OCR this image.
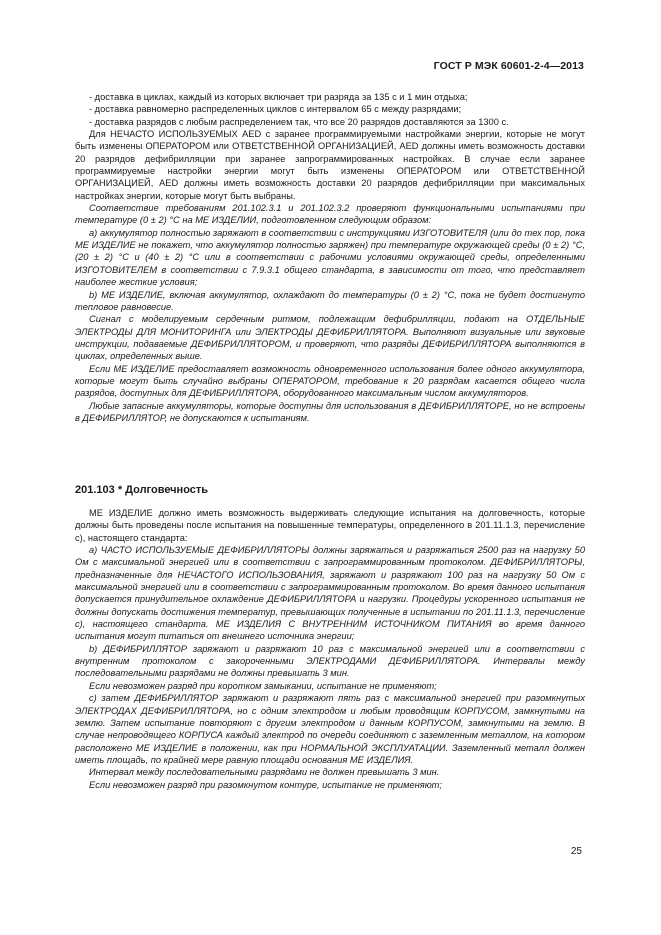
ГОСТ Р МЭК 60601-2-4—2013

- доставка в циклах, каждый из которых включает три разряда за 135 с и 1 мин отдыха;

- доставка равномерно распределенных циклов с интервалом 65 с между разрядами;

- доставка разрядов с любым распределением так, что все 20 разрядов доставляются за 1300 с.

Для НЕЧАСТО ИСПОЛЬЗУЕМЫХ AED с заранее программируемыми настройками энергии, которые не могут быть изменены ОПЕРАТОРОМ или ОТВЕТСТВЕННОЙ ОРГАНИЗАЦИЕЙ, AED должны иметь возможность доставки 20 разрядов дефибрилляции при заранее запрограммированных настройках. В случае если заранее программируемые настройки энергии могут быть изменены ОПЕРАТОРОМ или ОТВЕТСТВЕННОЙ ОРГАНИЗАЦИЕЙ, AED должны иметь возможность доставки 20 разрядов дефибрилляции при максимальных настройках энергии, которые могут быть выбраны.

Соответствие требованиям 201.102.3.1 и 201.102.3.2 проверяют функциональными испытаниями при температуре (0 ± 2) °С на МЕ ИЗДЕЛИИ, подготовленном следующим образом:

а) аккумулятор полностью заряжают в соответствии с инструкциями ИЗГОТОВИТЕЛЯ (или до тех пор, пока МЕ ИЗДЕЛИЕ не покажет, что аккумулятор полностью заряжен) при температуре окружающей среды (0 ± 2) °С, (20 ± 2) °С и (40 ± 2) °С или в соответствии с рабочими условиями окружающей среды, определенными ИЗГОТОВИТЕЛЕМ в соответствии с 7.9.3.1 общего стандарта, в зависимости от того, что представляет наиболее жесткие условия;

b) МЕ ИЗДЕЛИЕ, включая аккумулятор, охлаждают до температуры (0 ± 2) °С, пока не будет достигнуто тепловое равновесие.

Сигнал с моделируемым сердечным ритмом, подлежащим дефибрилляции, подают на ОТДЕЛЬНЫЕ ЭЛЕКТРОДЫ ДЛЯ МОНИТОРИНГА или ЭЛЕКТРОДЫ ДЕФИБРИЛЛЯТОРА. Выполняют визуальные или звуковые инструкции, подаваемые ДЕФИБРИЛЛЯТОРОМ, и проверяют, что разряды ДЕФИБРИЛЛЯТОРА выполняются в циклах, определенных выше.

Если МЕ ИЗДЕЛИЕ предоставляет возможность одновременного использования более одного аккумулятора, которые могут быть случайно выбраны ОПЕРАТОРОМ, требование к 20 разрядам касается общего числа разрядов, доступных для ДЕФИБРИЛЛЯТОРА, оборудованного максимальным числом аккумуляторов.

Любые запасные аккумуляторы, которые доступны для использования в ДЕФИБРИЛЛЯТОРЕ, но не встроены в ДЕФИБРИЛЛЯТОР, не допускаются к испытаниям.

201.103 * Долговечность

МЕ ИЗДЕЛИЕ должно иметь возможность выдерживать следующие испытания на долговечность, которые должны быть проведены после испытания на повышенные температуры, определенного в 201.11.1.3, перечисление с), настоящего стандарта:

а) ЧАСТО ИСПОЛЬЗУЕМЫЕ ДЕФИБРИЛЛЯТОРЫ должны заряжаться и разряжаться 2500 раз на нагрузку 50 Ом с максимальной энергией или в соответствии с запрограммированным протоколом. ДЕФИБРИЛЛЯТОРЫ, предназначенные для НЕЧАСТОГО ИСПОЛЬЗОВАНИЯ, заряжают и разряжают 100 раз на нагрузку 50 Ом с максимальной энергией или в соответствии с запрограммированным протоколом. Во время данного испытания допускается принудительное охлаждение ДЕФИБРИЛЛЯТОРА и нагрузки. Процедуры ускоренного испытания не должны допускать достижения температур, превышающих полученные в испытании по 201.11.1.3, перечисление с), настоящего стандарта. МЕ ИЗДЕЛИЯ С ВНУТРЕННИМ ИСТОЧНИКОМ ПИТАНИЯ во время данного испытания могут питаться от внешнего источника энергии;

b) ДЕФИБРИЛЛЯТОР заряжают и разряжают 10 раз с максимальной энергией или в соответствии с внутренним протоколом с закороченными ЭЛЕКТРОДАМИ ДЕФИБРИЛЛЯТОРА. Интервалы между последовательными разрядами не должны превышать 3 мин.

Если невозможен разряд при коротком замыкании, испытание не применяют;

с) затем ДЕФИБРИЛЛЯТОР заряжают и разряжают пять раз с максимальной энергией при разомкнутых ЭЛЕКТРОДАХ ДЕФИБРИЛЛЯТОРА, но с одним электродом и любым проводящим КОРПУСОМ, замкнутыми на землю. Затем испытание повторяют с другим электродом и данным КОРПУСОМ, замкнутыми на землю. В случае непроводящего КОРПУСА каждый электрод по очереди соединяют с заземленным металлом, на котором расположено МЕ ИЗДЕЛИЕ в положении, как при НОРМАЛЬНОЙ ЭКСПЛУАТАЦИИ. Заземленный металл должен иметь площадь, по крайней мере равную площади основания МЕ ИЗДЕЛИЯ.

Интервал между последовательными разрядами не должен превышать 3 мин.

Если невозможен разряд при разомкнутом контуре, испытание не применяют;

25
